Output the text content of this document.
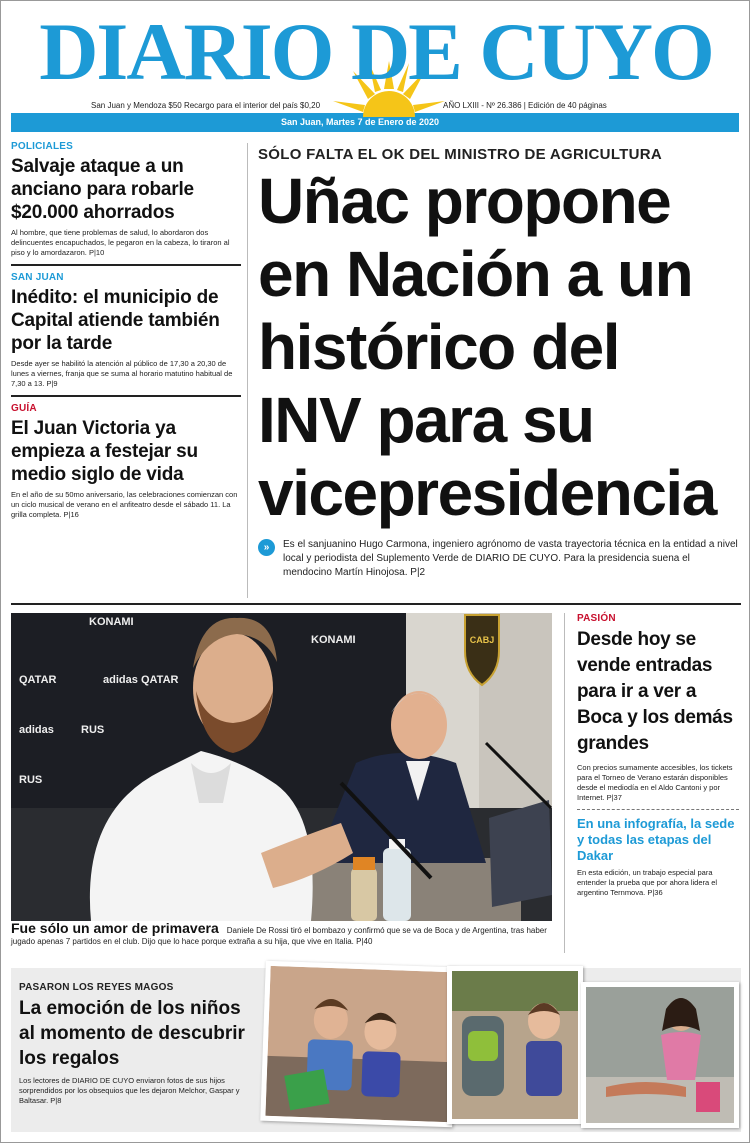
DIARIO DE CUYO
San Juan y Mendoza $50 Recargo para el interior del país $0,20	AÑO LXIII - Nº 26.386 | Edición de 40 páginas
San Juan, Martes 7 de Enero de 2020
POLICIALES
Salvaje ataque a un anciano para robarle $20.000 ahorrados
Al hombre, que tiene problemas de salud, lo abordaron dos delincuentes encapuchados, le pegaron en la cabeza, lo tiraron al piso y lo amordazaron. P|10
SAN JUAN
Inédito: el municipio de Capital atiende también por la tarde
Desde ayer se habilitó la atención al público de 17,30 a 20,30 de lunes a viernes, franja que se suma al horario matutino habitual de 7,30 a 13. P|9
GUÍA
El Juan Victoria ya empieza a festejar su medio siglo de vida
En el año de su 50mo aniversario, las celebraciones comienzan con un ciclo musical de verano en el anfiteatro desde el sábado 11. La grilla completa. P|16
SÓLO FALTA EL OK DEL MINISTRO DE AGRICULTURA
Uñac propone
en Nación a un
histórico del
INV para su
vicepresidencia
»	Es el sanjuanino Hugo Carmona, ingeniero agrónomo de vasta trayectoria técnica en la entidad a nivel local y periodista del Suplemento Verde de DIARIO DE CUYO. Para la presidencia suena el mendocino Martín Hinojosa. P|2
CABJ
QATAR	adidas
KONAMI
QATAR
adidas
RUS
KONAMI
RUS
Fue sólo un amor de primavera Daniele De Rossi tiró el bombazo y confirmó que se va de Boca y de Argentina, tras haber jugado apenas 7 partidos en el club. Dijo que lo hace porque extraña a su hija, que vive en Italia. P|40
PASIÓN
Desde hoy se vende entradas para ir a ver a Boca y los demás grandes
Con precios sumamente accesibles, los tickets para el Torneo de Verano estarán disponibles desde el mediodía en el Aldo Cantoni y por Internet. P|37
En una infografía, la sede y todas las etapas del Dakar
En esta edición, un trabajo especial para entender la prueba que por ahora lidera el argentino Ternmova. P|36
PASARON LOS REYES MAGOS
La emoción de los niños al momento de descubrir los regalos
Los lectores de DIARIO DE CUYO enviaron fotos de sus hijos sorprendidos por los obsequios que les dejaron Melchor, Gaspar y Baltasar. P|8
